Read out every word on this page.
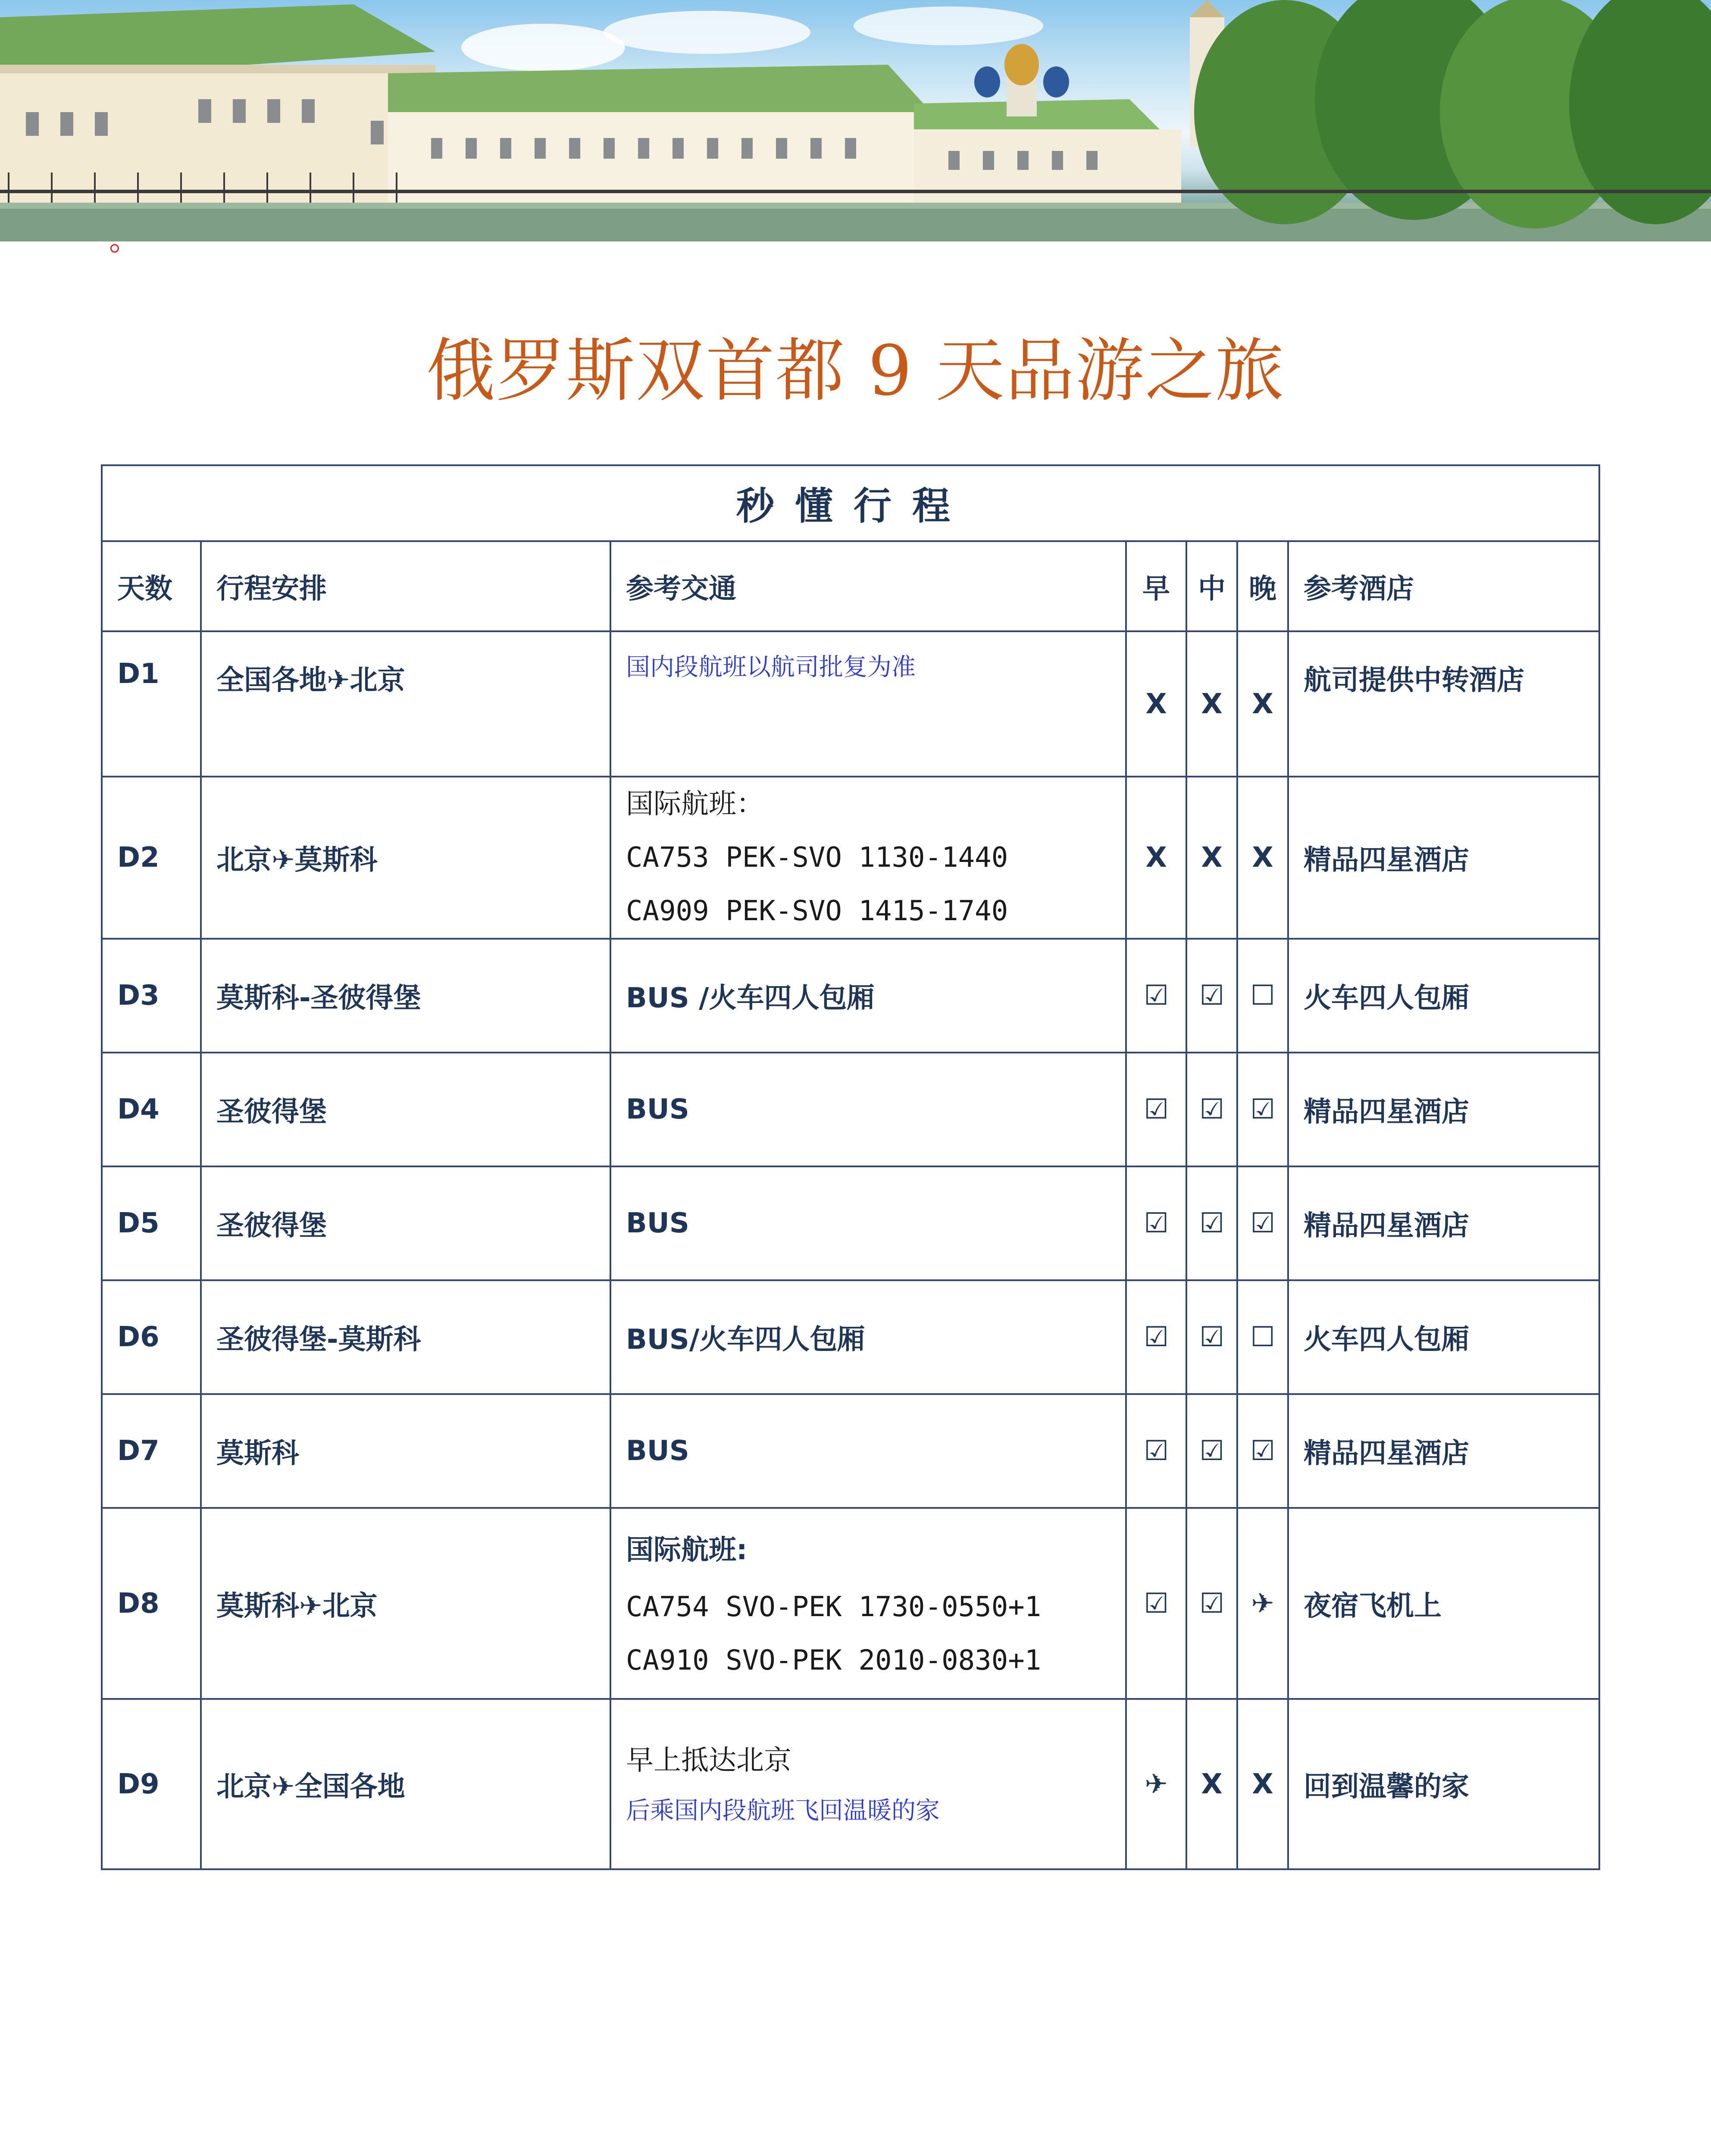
俄罗斯双首都 9 天品游之旅
秒懂行程						
天数	行程安排	参考交通	早	中	晚	参考酒店
D1	全国各地✈北京	国内段航班以航司批复为准	X	X	X	航司提供中转酒店
D2	北京✈莫斯科	国际航班：
CA753 PEK-SVO 1130-1440
CA909 PEK-SVO 1415-1740	X	X	X	精品四星酒店
D3	莫斯科-圣彼得堡	BUS /火车四人包厢	☑	☑	☐	火车四人包厢
D4	圣彼得堡	BUS	☑	☑	☑	精品四星酒店
D5	圣彼得堡	BUS	☑	☑	☑	精品四星酒店
D6	圣彼得堡-莫斯科	BUS/火车四人包厢	☑	☑	☐	火车四人包厢
D7	莫斯科	BUS	☑	☑	☑	精品四星酒店
D8	莫斯科✈北京	国际航班:
CA754 SVO-PEK 1730-0550+1
CA910 SVO-PEK 2010-0830+1	☑	☑	✈	夜宿飞机上
D9	北京✈全国各地	早上抵达北京
后乘国内段航班飞回温暖的家	✈	X	X	回到温馨的家
